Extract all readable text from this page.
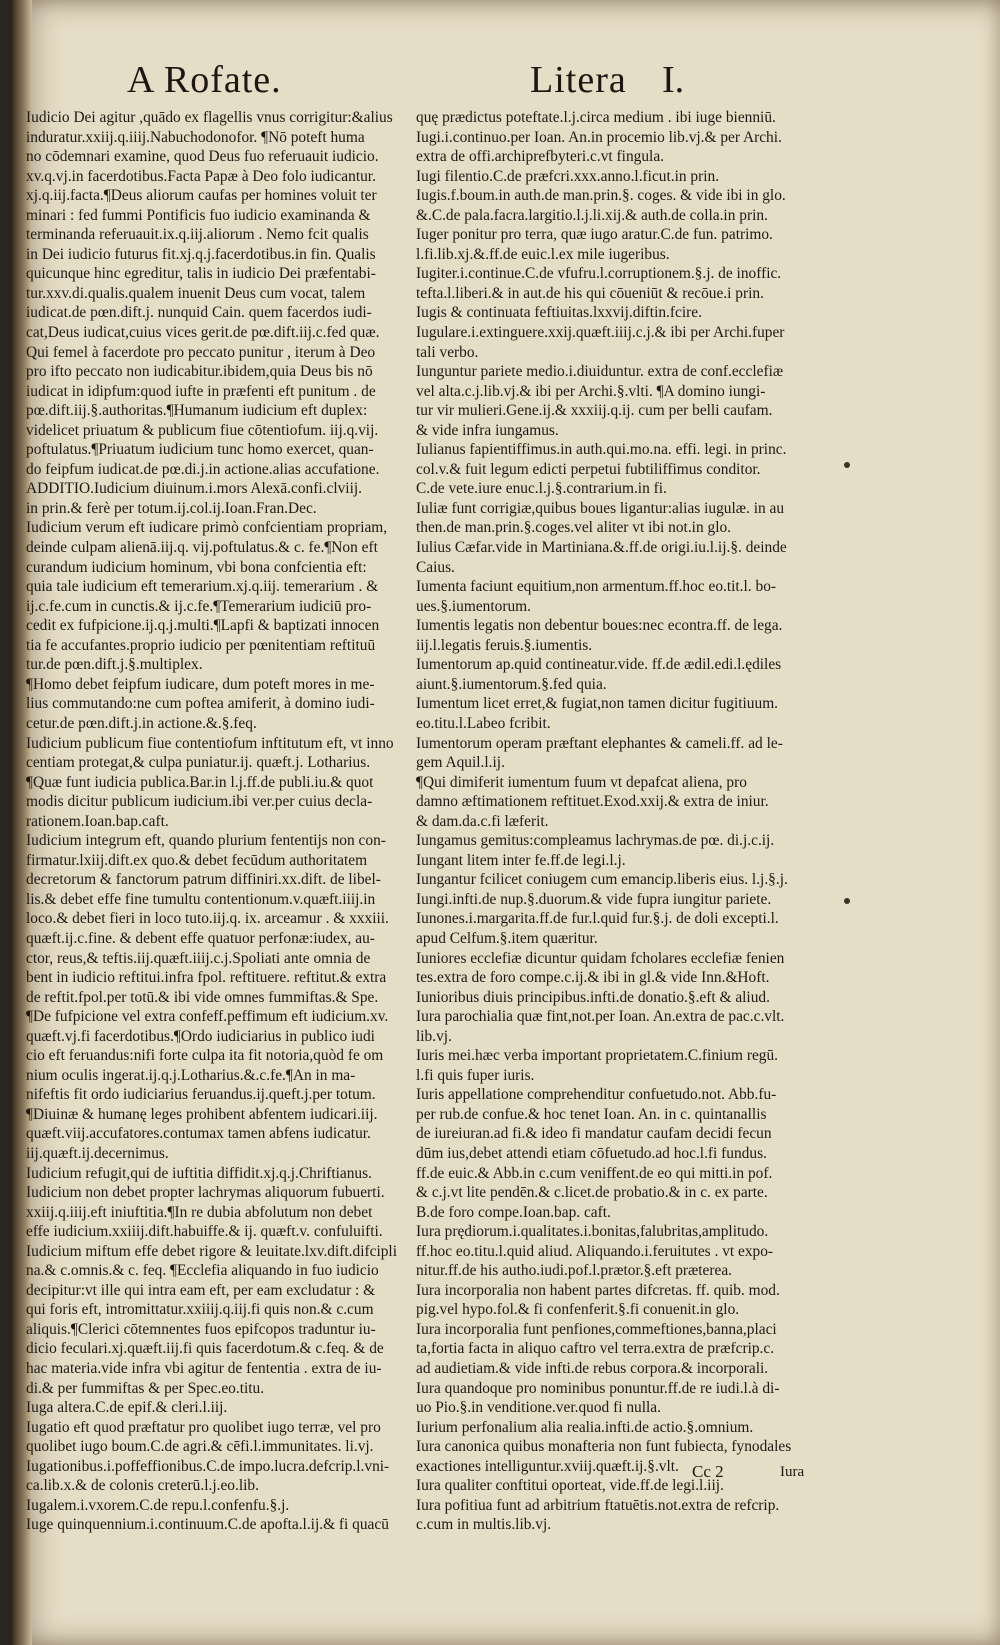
A Rofate.	Litera I.
Iudicio Dei agitur ,quādo ex flagellis vnus corrigitur:&alius
induratur.xxiij.q.iiij.Nabuchodonofor. ¶Nō poteft huma
no cōdemnari examine, quod Deus fuo referuauit iudicio.
xv.q.vj.in facerdotibus.Facta Papæ à Deo folo iudicantur.
xj.q.iij.facta.¶Deus aliorum caufas per homines voluit ter
minari : fed fummi Pontificis fuo iudicio examinanda &
terminanda referuauit.ix.q.iij.aliorum . Nemo fcit qualis
in Dei iudicio futurus fit.xj.q.j.facerdotibus.in fin. Qualis
quicunque hinc egreditur, talis in iudicio Dei præfentabi-
tur.xxv.di.qualis.qualem inuenit Deus cum vocat, talem
iudicat.de pœn.dift.j. nunquid Cain. quem facerdos iudi-
cat,Deus iudicat,cuius vices gerit.de pœ.dift.iij.c.fed quæ.
Qui femel à facerdote pro peccato punitur , iterum à Deo
pro ifto peccato non iudicabitur.ibidem,quia Deus bis nō
iudicat in idipfum:quod iufte in præfenti eft punitum . de
pœ.dift.iij.§.authoritas.¶Humanum iudicium eft duplex:
videlicet priuatum & publicum fiue cōtentiofum. iij.q.vij.
poftulatus.¶Priuatum iudicium tunc homo exercet, quan-
do feipfum iudicat.de pœ.di.j.in actione.alias accufatione.
ADDITIO.Iudicium diuinum.i.mors Alexā.confi.clviij.
in prin.& ferè per totum.ij.col.ij.Ioan.Fran.Dec.
Iudicium verum eft iudicare primò confcientiam propriam,
deinde culpam alienā.iij.q. vij.poftulatus.& c. fe.¶Non eft
curandum iudicium hominum, vbi bona confcientia eft:
quia tale iudicium eft temerarium.xj.q.iij. temerarium . &
ij.c.fe.cum in cunctis.& ij.c.fe.¶Temerarium iudiciū pro-
cedit ex fufpicione.ij.q.j.multi.¶Lapfi & baptizati innocen
tia fe accufantes.proprio iudicio per pœnitentiam reftituū
tur.de pœn.dift.j.§.multiplex.
¶Homo debet feipfum iudicare, dum poteft mores in me-
lius commutando:ne cum poftea amiferit, à domino iudi-
cetur.de pœn.dift.j.in actione.&.§.feq.
Iudicium publicum fiue contentiofum inftitutum eft, vt inno
centiam protegat,& culpa puniatur.ij. quæft.j. Lotharius.
¶Quæ funt iudicia publica.Bar.in l.j.ff.de publi.iu.& quot
modis dicitur publicum iudicium.ibi ver.per cuius decla-
rationem.Ioan.bap.caft.
Iudicium integrum eft, quando plurium fententijs non con-
firmatur.lxiij.dift.ex quo.& debet fecūdum authoritatem
decretorum & fanctorum patrum diffiniri.xx.dift. de libel-
lis.& debet effe fine tumultu contentionum.v.quæft.iiij.in
loco.& debet fieri in loco tuto.iij.q. ix. arceamur . & xxxiii.
quæft.ij.c.fine. & debent effe quatuor perfonæ:iudex, au-
ctor, reus,& teftis.iij.quæft.iiij.c.j.Spoliati ante omnia de
bent in iudicio reftitui.infra fpol. reftituere. reftitut.& extra
de reftit.fpol.per totū.& ibi vide omnes fummiftas.& Spe.
¶De fufpicione vel extra confeff.peffimum eft iudicium.xv.
quæft.vj.fi facerdotibus.¶Ordo iudiciarius in publico iudi
cio eft feruandus:nifi forte culpa ita fit notoria,quòd fe om
nium oculis ingerat.ij.q.j.Lotharius.&.c.fe.¶An in ma-
nifeftis fit ordo iudiciarius feruandus.ij.queft.j.per totum.
¶Diuinæ & humanę leges prohibent abfentem iudicari.iij.
quæft.viij.accufatores.contumax tamen abfens iudicatur.
iij.quæft.ij.decernimus.
Iudicium refugit,qui de iuftitia diffidit.xj.q.j.Chriftianus.
Iudicium non debet propter lachrymas aliquorum fubuerti.
xxiij.q.iiij.eft iniuftitia.¶In re dubia abfolutum non debet
effe iudicium.xxiiij.dift.habuiffe.& ij. quæft.v. confuluifti.
Iudicium miftum effe debet rigore & leuitate.lxv.dift.difcipli
na.& c.omnis.& c. feq. ¶Ecclefia aliquando in fuo iudicio
decipitur:vt ille qui intra eam eft, per eam excludatur : &
qui foris eft, intromittatur.xxiiij.q.iij.fi quis non.& c.cum
aliquis.¶Clerici cōtemnentes fuos epifcopos traduntur iu-
dicio feculari.xj.quæft.iij.fi quis facerdotum.& c.feq. & de
hac materia.vide infra vbi agitur de fententia . extra de iu-
di.& per fummiftas & per Spec.eo.titu.
Iuga altera.C.de epif.& cleri.l.iij.
Iugatio eft quod præftatur pro quolibet iugo terræ, vel pro
quolibet iugo boum.C.de agri.& cēfi.l.immunitates. li.vj.
Iugationibus.i.poffeffionibus.C.de impo.lucra.defcrip.l.vni-
ca.lib.x.& de colonis creterū.l.j.eo.lib.
Iugalem.i.vxorem.C.de repu.l.confenfu.§.j.
Iuge quinquennium.i.continuum.C.de apofta.l.ij.& fi quacū
quę prædictus poteftate.l.j.circa medium . ibi iuge bienniū.
Iugi.i.continuo.per Ioan. An.in procemio lib.vj.& per Archi.
extra de offi.archiprefbyteri.c.vt fingula.
Iugi filentio.C.de præfcri.xxx.anno.l.ficut.in prin.
Iugis.f.boum.in auth.de man.prin.§. coges. & vide ibi in glo.
&.C.de pala.facra.largitio.l.j.li.xij.& auth.de colla.in prin.
Iuger ponitur pro terra, quæ iugo aratur.C.de fun. patrimo.
l.fi.lib.xj.&.ff.de euic.l.ex mile iugeribus.
Iugiter.i.continue.C.de vfufru.l.corruptionem.§.j. de inoffic.
tefta.l.liberi.& in aut.de his qui cōueniūt & recōue.i prin.
Iugis & continuata feftiuitas.lxxvij.diftin.fcire.
Iugulare.i.extinguere.xxij.quæft.iiij.c.j.& ibi per Archi.fuper
tali verbo.
Iunguntur pariete medio.i.diuiduntur. extra de conf.ecclefiæ
vel alta.c.j.lib.vj.& ibi per Archi.§.vlti. ¶A domino iungi-
tur vir mulieri.Gene.ij.& xxxiij.q.ij. cum per belli caufam.
& vide infra iungamus.
Iulianus fapientiffimus.in auth.qui.mo.na. effi. legi. in princ.
col.v.& fuit legum edicti perpetui fubtiliffimus conditor.
C.de vete.iure enuc.l.j.§.contrarium.in fi.
Iuliæ funt corrigiæ,quibus boues ligantur:alias iugulæ. in au
then.de man.prin.§.coges.vel aliter vt ibi not.in glo.
Iulius Cæfar.vide in Martiniana.&.ff.de origi.iu.l.ij.§. deinde
Caius.
Iumenta faciunt equitium,non armentum.ff.hoc eo.tit.l. bo-
ues.§.iumentorum.
Iumentis legatis non debentur boues:nec econtra.ff. de lega.
iij.l.legatis feruis.§.iumentis.
Iumentorum ap.quid contineatur.vide. ff.de ædil.edi.l.ędiles
aiunt.§.iumentorum.§.fed quia.
Iumentum licet erret,& fugiat,non tamen dicitur fugitiuum.
eo.titu.l.Labeo fcribit.
Iumentorum operam præftant elephantes & cameli.ff. ad le-
gem Aquil.l.ij.
¶Qui dimiferit iumentum fuum vt depafcat aliena, pro
damno æftimationem reftituet.Exod.xxij.& extra de iniur.
& dam.da.c.fi læferit.
Iungamus gemitus:compleamus lachrymas.de pœ. di.j.c.ij.
Iungant litem inter fe.ff.de legi.l.j.
Iungantur fcilicet coniugem cum emancip.liberis eius. l.j.§.j.
Iungi.infti.de nup.§.duorum.& vide fupra iungitur pariete.
Iunones.i.margarita.ff.de fur.l.quid fur.§.j. de doli excepti.l.
apud Celfum.§.item quæritur.
Iuniores ecclefiæ dicuntur quidam fcholares ecclefiæ fenien
tes.extra de foro compe.c.ij.& ibi in gl.& vide Inn.&Hoft.
Iunioribus diuis principibus.infti.de donatio.§.eft & aliud.
Iura parochialia quæ fint,not.per Ioan. An.extra de pac.c.vlt.
lib.vj.
Iuris mei.hæc verba important proprietatem.C.finium regū.
l.fi quis fuper iuris.
Iuris appellatione comprehenditur confuetudo.not. Abb.fu-
per rub.de confue.& hoc tenet Ioan. An. in c. quintanallis
de iureiuran.ad fi.& ideo fi mandatur caufam decidi fecun
dūm ius,debet attendi etiam cōfuetudo.ad hoc.l.fi fundus.
ff.de euic.& Abb.in c.cum veniffent.de eo qui mitti.in pof.
& c.j.vt lite pendēn.& c.licet.de probatio.& in c. ex parte.
B.de foro compe.Ioan.bap. caft.
Iura prędiorum.i.qualitates.i.bonitas,falubritas,amplitudo.
ff.hoc eo.titu.l.quid aliud. Aliquando.i.feruitutes . vt expo-
nitur.ff.de his autho.iudi.pof.l.prætor.§.eft præterea.
Iura incorporalia non habent partes difcretas. ff. quib. mod.
pig.vel hypo.fol.& fi confenferit.§.fi conuenit.in glo.
Iura incorporalia funt penfiones,commeftiones,banna,placi
ta,fortia facta in aliquo caftro vel terra.extra de præfcrip.c.
ad audietiam.& vide infti.de rebus corpora.& incorporali.
Iura quandoque pro nominibus ponuntur.ff.de re iudi.l.à di-
uo Pio.§.in venditione.ver.quod fi nulla.
Iurium perfonalium alia realia.infti.de actio.§.omnium.
Iura canonica quibus monafteria non funt fubiecta, fynodales
exactiones intelliguntur.xviij.quæft.ij.§.vlt.
Iura qualiter conftitui oporteat, vide.ff.de legi.l.iij.
Iura pofitiua funt ad arbitrium ftatuētis.not.extra de refcrip.
c.cum in multis.lib.vj.
Cc 2	Iura
